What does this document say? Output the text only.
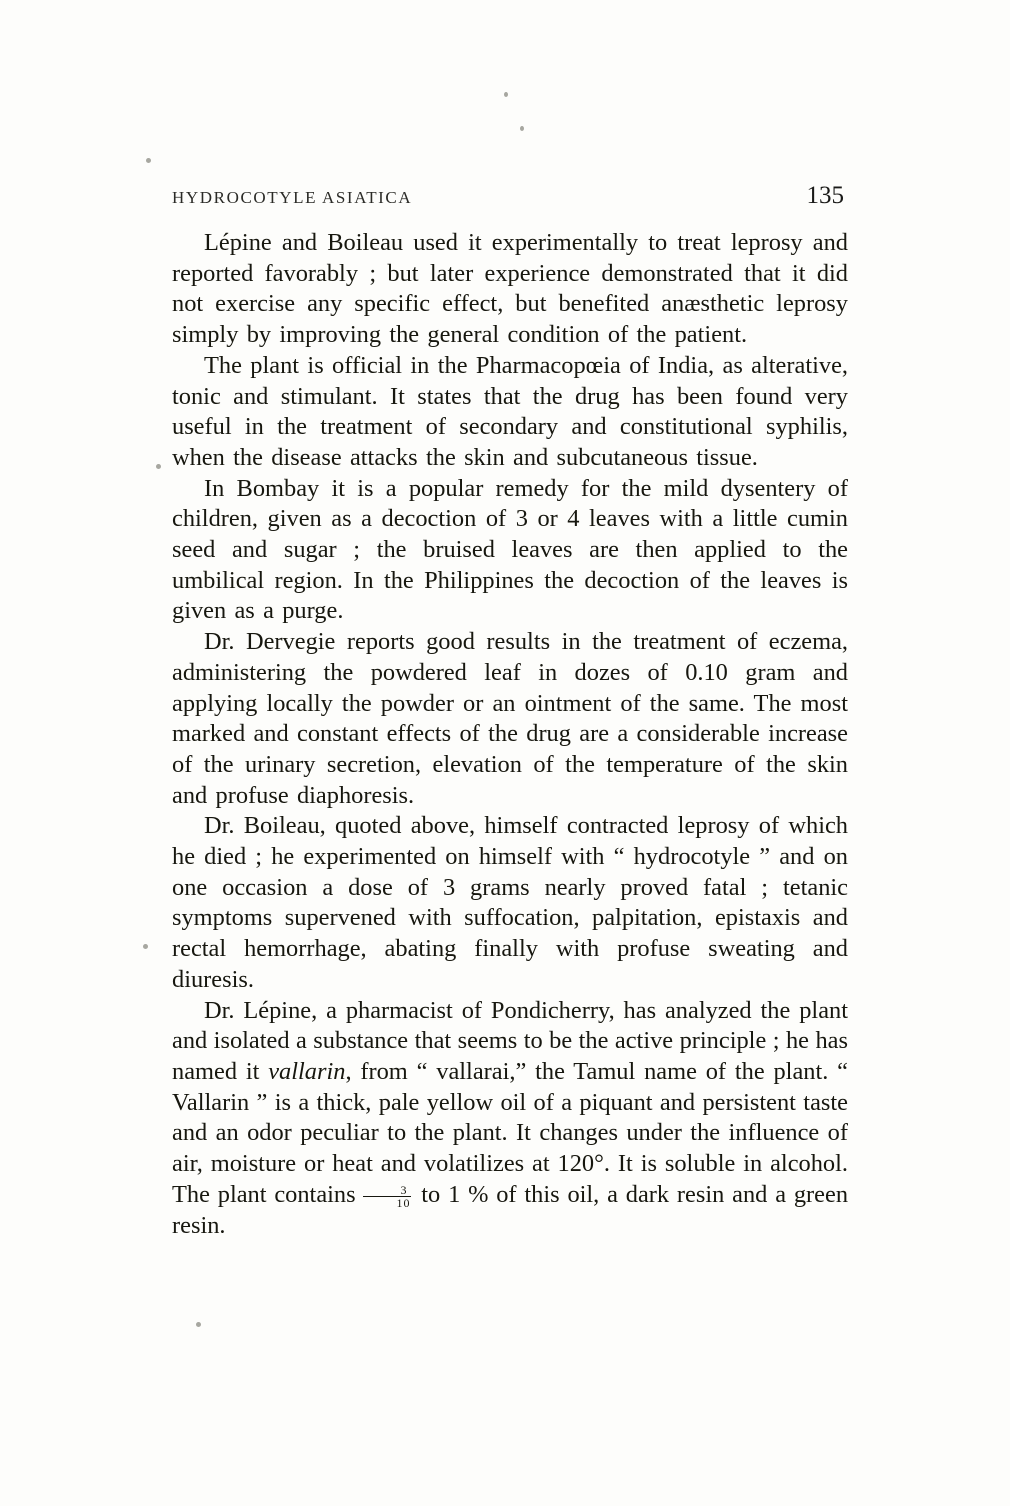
HYDROCOTYLE ASIATICA	135

Lépine and Boileau used it experimentally to treat leprosy and reported favorably ; but later experience demonstrated that it did not exercise any specific effect, but benefited anæsthetic leprosy simply by improving the general condition of the patient.

The plant is official in the Pharmacopœia of India, as alterative, tonic and stimulant. It states that the drug has been found very useful in the treatment of secondary and constitutional syphilis, when the disease attacks the skin and subcutaneous tissue.

In Bombay it is a popular remedy for the mild dysentery of children, given as a decoction of 3 or 4 leaves with a little cumin seed and sugar ; the bruised leaves are then applied to the umbilical region. In the Philippines the decoction of the leaves is given as a purge.

Dr. Dervegie reports good results in the treatment of eczema, administering the powdered leaf in dozes of 0.10 gram and applying locally the powder or an ointment of the same. The most marked and constant effects of the drug are a considerable increase of the urinary secretion, elevation of the temperature of the skin and profuse diaphoresis.

Dr. Boileau, quoted above, himself contracted leprosy of which he died ; he experimented on himself with “ hydrocotyle ” and on one occasion a dose of 3 grams nearly proved fatal ; tetanic symptoms supervened with suffocation, palpitation, epistaxis and rectal hemorrhage, abating finally with profuse sweating and diuresis.

Dr. Lépine, a pharmacist of Pondicherry, has analyzed the plant and isolated a substance that seems to be the active principle ; he has named it vallarin, from “ vallarai,” the Tamul name of the plant. “ Vallarin ” is a thick, pale yellow oil of a piquant and persistent taste and an odor peculiar to the plant. It changes under the influence of air, moisture or heat and volatilizes at 120°. It is soluble in alcohol. The plant contains $\frac{3}{10}$ to 1 % of this oil, a dark resin and a green resin.
